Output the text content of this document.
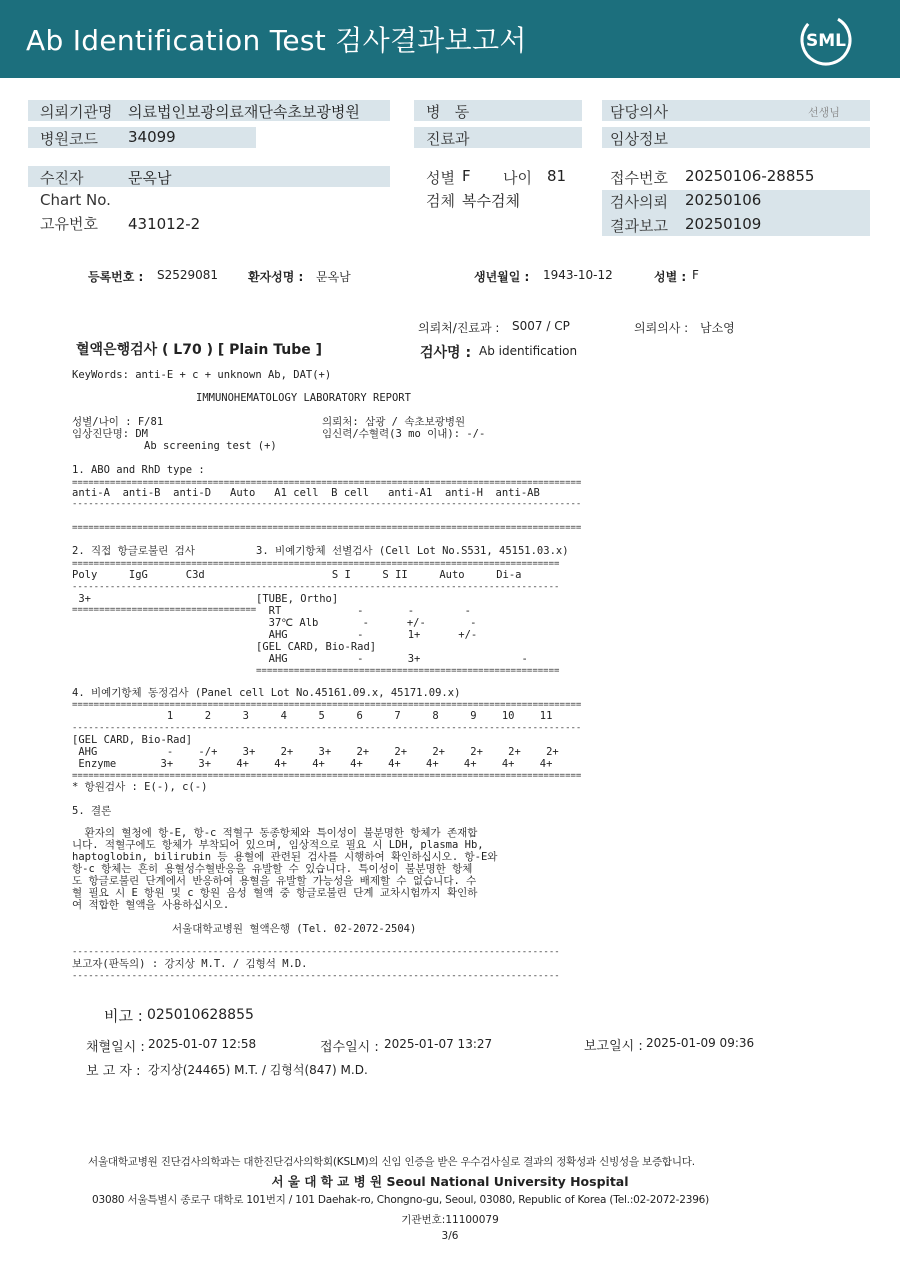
Ab Identification Test 검사결과보고서	SML
의뢰기관명 의료법인보광의료재단속초보광병원	병   동	담당의사	선생님
병원코드 34099	진료과	임상정보
수진자	문옥남	성별 F 나이 81	접수번호 20250106-28855
Chart No.	검체 복수검체	검사의뢰 20250106
고유번호 431012-2	결과보고 20250109
등록번호 : S2529081 환자성명 : 문옥남	생년월일 : 1943-10-12	성별 : F
의뢰처/진료과 : S007 / CP	의뢰의사 : 남소영
혈액은행검사 ( L70 ) [ Plain Tube ]	검사명 : Ab identification
KeyWords: anti-E + c + unknown Ab, DAT(+)
IMMUNOHEMATOLOGY LABORATORY REPORT
성별/나이 : F/81	의뢰처: 삼광 / 속초보광병원
임상진단명: DM	임신력/수혈력(3 mo 이내): -/-
Ab screening test (+)
1. ABO and RhD type :
==============================================================================================
anti-A  anti-B  anti-D   Auto   A1 cell  B cell   anti-A1  anti-H  anti-AB
----------------------------------------------------------------------------------------------
==============================================================================================
2. 직접 항글로불린 검사	3. 비예기항체 선별검사 (Cell Lot No.S531, 45151.03.x)
================================== ========================================================
Poly     IgG      C3d	S I     S II     Auto     Di-a
---------------------------------- --------------------------------------------------------
3+
==================================
[TUBE, Ortho]
RT            -       -        -
37℃ Alb       -      +/-       -
AHG           -       1+      +/-
[GEL CARD, Bio-Rad]
AHG           -       3+                -
========================================================
4. 비예기항체 동정검사 (Panel cell Lot No.45161.09.x, 45171.09.x)
==============================================================================================
1     2     3     4     5     6     7     8     9    10    11
----------------------------------------------------------------------------------------------
[GEL CARD, Bio-Rad]
AHG           -    -/+    3+    2+    3+    2+    2+    2+    2+    2+    2+
Enzyme       3+    3+    4+    4+    4+    4+    4+    4+    4+    4+    4+
==============================================================================================
* 항원검사 : E(-), c(-)
5. 결론
환자의 혈청에 항-E, 항-c 적혈구 동종항체와 특이성이 불분명한 항체가 존재합
니다. 적혈구에도 항체가 부착되어 있으며, 임상적으로 필요 시 LDH, plasma Hb,
haptoglobin, bilirubin 등 용혈에 관련된 검사를 시행하여 확인하십시오. 항-E와
항-c 항체는 흔히 용혈성수혈반응을 유발할 수 있습니다. 특이성이 불분명한 항체
도 항글로불린 단계에서 반응하여 용혈을 유발할 가능성을 배제할 수 없습니다. 수
혈 필요 시 E 항원 및 c 항원 음성 혈액 중 항글로불린 단계 교차시험까지 확인하
여 적합한 혈액을 사용하십시오.
서울대학교병원 혈액은행 (Tel. 02-2072-2504)
------------------------------------------------------------------------------------------
보고자(판독의) : 강지상 M.T. / 김형석 M.D.
------------------------------------------------------------------------------------------
비고 : 025010628855
채혈일시 : 2025-01-07 12:58	접수일시 : 2025-01-07 13:27	보고일시 : 2025-01-09 09:36
보 고 자 : 강지상(24465) M.T. / 김형석(847) M.D.
서울대학교병원 진단검사의학과는 대한진단검사의학회(KSLM)의 신임 인증을 받은 우수검사실로 결과의 정확성과 신빙성을 보증합니다.
서 울 대 학 교 병 원 Seoul National University Hospital
03080 서울특별시 종로구 대학로 101번지 / 101 Daehak-ro, Chongno-gu, Seoul, 03080, Republic of Korea (Tel.:02-2072-2396)
기관번호:11100079
3/6
